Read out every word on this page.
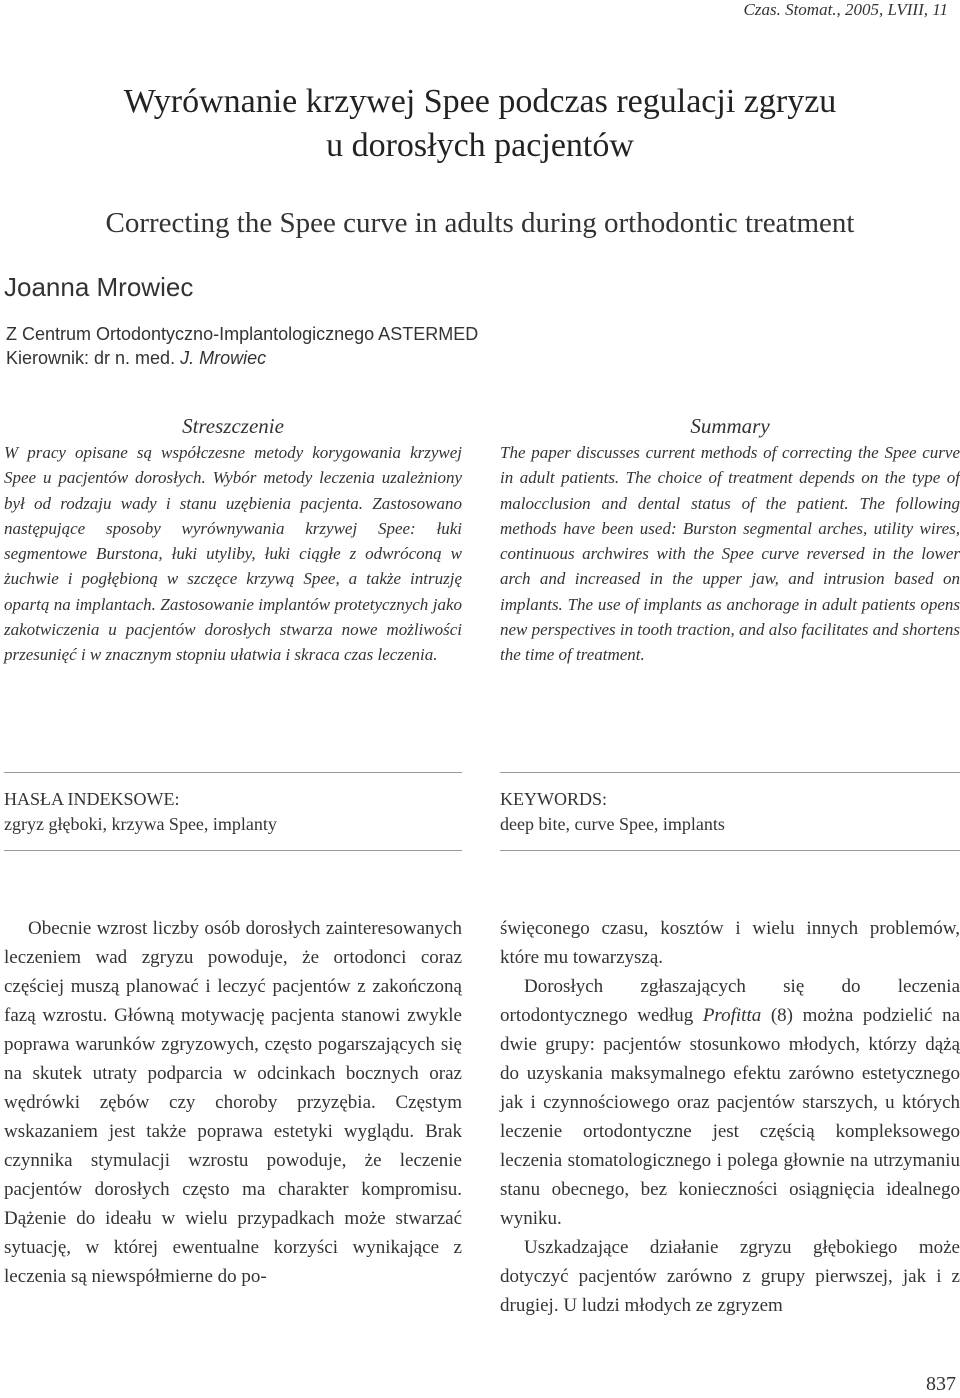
Czas. Stomat., 2005, LVIII, 11
Wyrównanie krzywej Spee podczas regulacji zgryzu
u dorosłych pacjentów
Correcting the Spee curve in adults during orthodontic treatment
Joanna Mrowiec
Z Centrum Ortodontyczno-Implantologicznego ASTERMED
Kierownik: dr n. med. J. Mrowiec
Streszczenie

W pracy opisane są współczesne metody korygowania krzywej Spee u pacjentów dorosłych. Wybór metody leczenia uzależniony był od rodzaju wady i stanu uzębienia pacjenta. Zastosowano następujące sposoby wyrównywania krzywej Spee: łuki segmentowe Burstona, łuki utyliby, łuki ciągłe z odwróconą w żuchwie i pogłębioną w szczęce krzywą Spee, a także intruzję opartą na implantach. Zastosowanie implantów protetycznych jako zakotwiczenia u pacjentów dorosłych stwarza nowe możliwości przesunięć i w znacznym stopniu ułatwia i skraca czas leczenia.

Summary

The paper discusses current methods of correcting the Spee curve in adult patients. The choice of treatment depends on the type of malocclusion and dental status of the patient. The following methods have been used: Burston segmental arches, utility wires, continuous archwires with the Spee curve reversed in the lower arch and increased in the upper jaw, and intrusion based on implants. The use of implants as anchorage in adult patients opens new perspectives in tooth traction, and also facilitates and shortens the time of treatment.

HASŁA INDEKSOWE:
zgryz głęboki, krzywa Spee, implanty
KEYWORDS:
deep bite, curve Spee, implants

Obecnie wzrost liczby osób dorosłych zainteresowanych leczeniem wad zgryzu powoduje, że ortodonci coraz częściej muszą planować i leczyć pacjentów z zakończoną fazą wzrostu. Główną motywację pacjenta stanowi zwykle poprawa warunków zgryzowych, często pogarszających się na skutek utraty podparcia w odcinkach bocznych oraz wędrówki zębów czy choroby przyzębia. Częstym wskazaniem jest także poprawa estetyki wyglądu. Brak czynnika stymulacji wzrostu powoduje, że leczenie pacjentów dorosłych często ma charakter kompromisu. Dążenie do ideału w wielu przypadkach może stwarzać sytuację, w której ewentualne korzyści wynikające z leczenia są niewspółmierne do po-

święconego czasu, kosztów i wielu innych problemów, które mu towarzyszą.

Dorosłych zgłaszających się do leczenia ortodontycznego według Profitta (8) można podzielić na dwie grupy: pacjentów stosunkowo młodych, którzy dążą do uzyskania maksymalnego efektu zarówno estetycznego jak i czynnościowego oraz pacjentów starszych, u których leczenie ortodontyczne jest częścią kompleksowego leczenia stomatologicznego i polega głownie na utrzymaniu stanu obecnego, bez konieczności osiągnięcia idealnego wyniku.

Uszkadzające działanie zgryzu głębokiego może dotyczyć pacjentów zarówno z grupy pierwszej, jak i z drugiej. U ludzi młodych ze zgryzem

837
